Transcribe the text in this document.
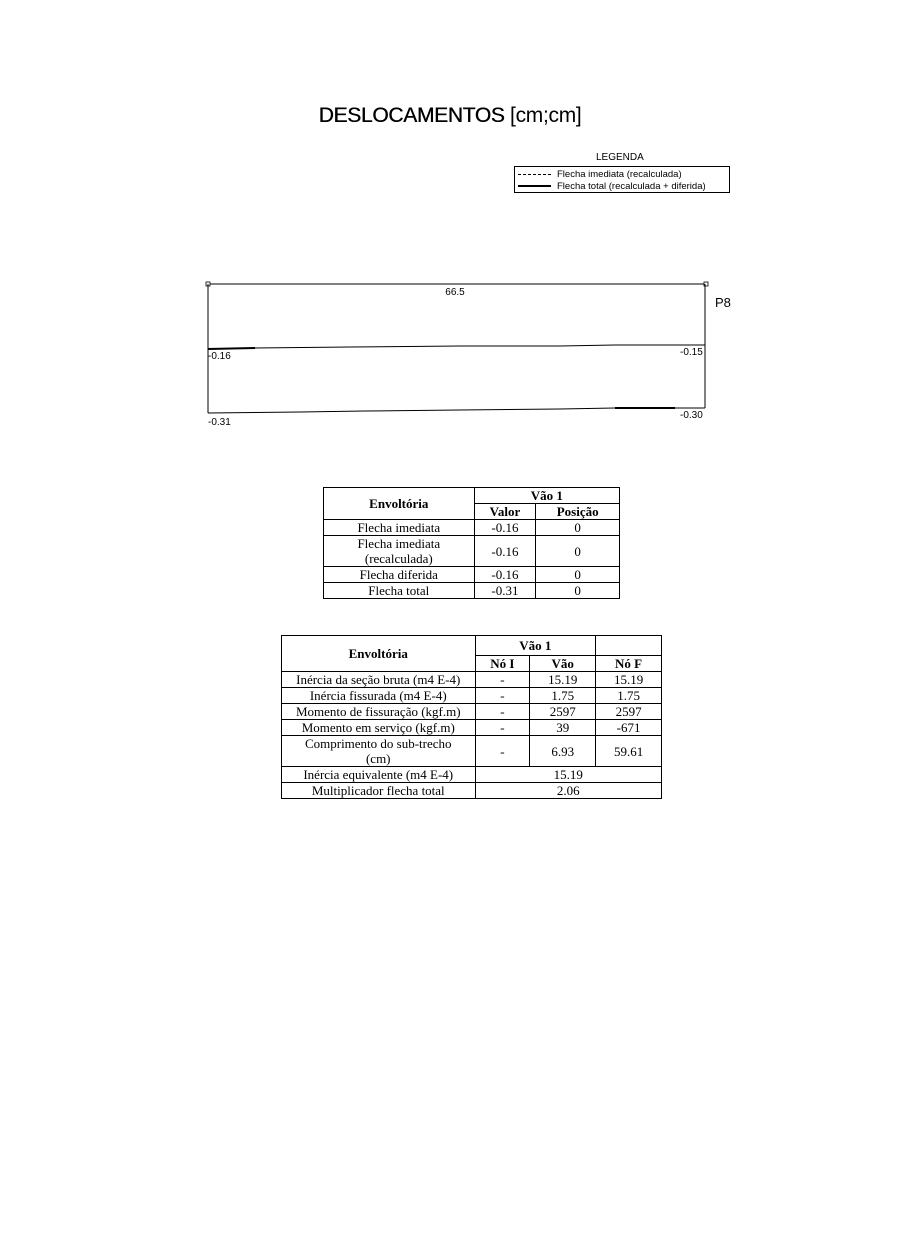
DESLOCAMENTOS [cm;cm]
LEGENDA
Flecha imediata (recalculada)
Flecha total (recalculada + diferida)
66.5
P8
-0.16	-0.15
-0.31
-0.30
Envoltória	Vão 1	
	Valor	Posição
Flecha imediata	-0.16	0
Flecha imediata (recalculada)	-0.16	0
Flecha diferida	-0.16	0
Flecha total	-0.31	0
Envoltória	Vão 1		
	Nó I	Vão	Nó F
Inércia da seção bruta (m4 E-4)	-	15.19	15.19
Inércia fissurada (m4 E-4)	-	1.75	1.75
Momento de fissuração (kgf.m)	-	2597	2597
Momento em serviço (kgf.m)	-	39	-671
Comprimento do sub-trecho (cm)	-	6.93	59.61
Inércia equivalente (m4 E-4)	15.19		
Multiplicador flecha total	2.06		
